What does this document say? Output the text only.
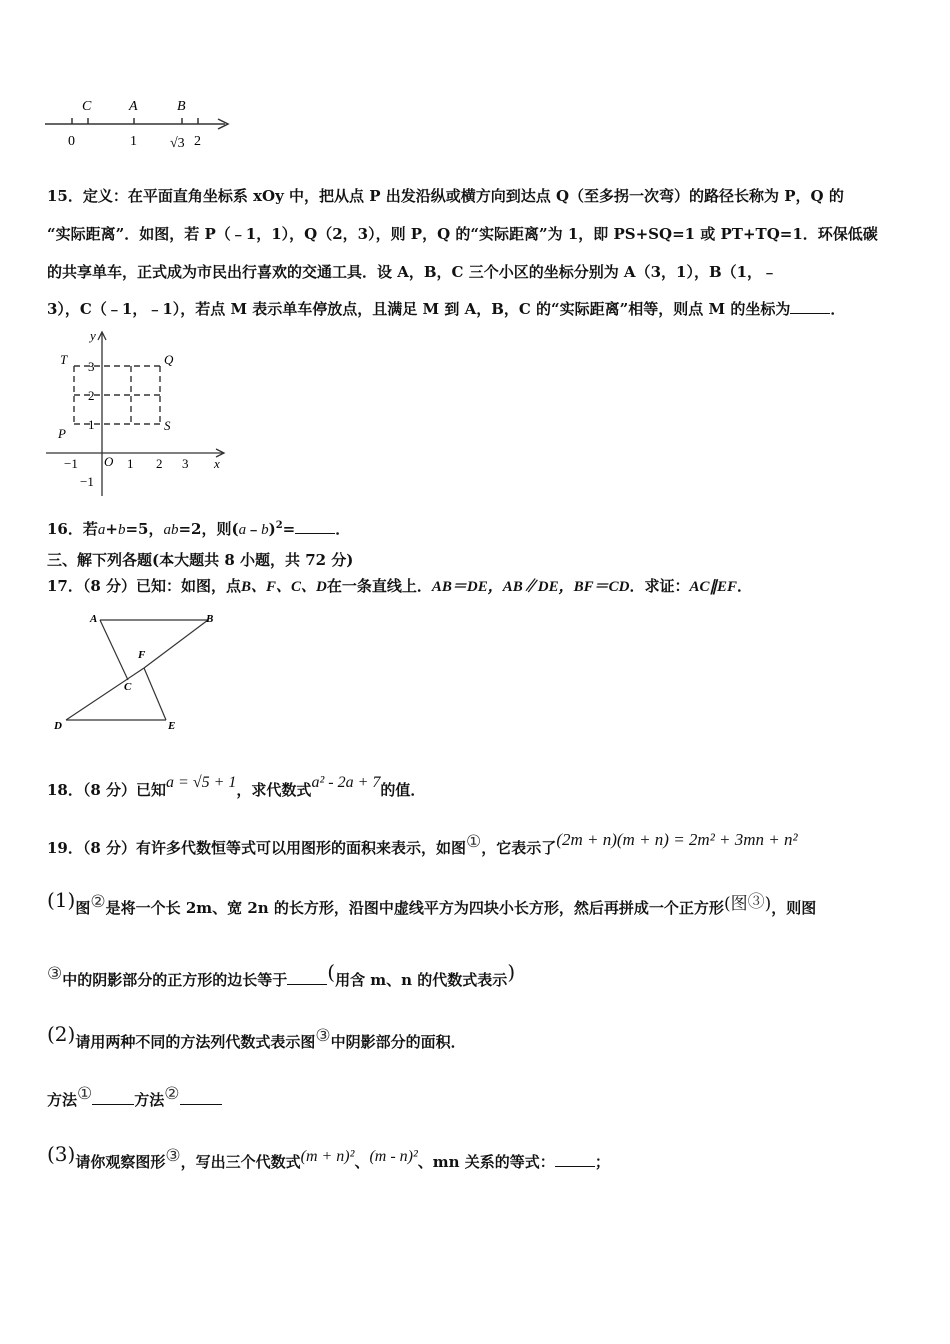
C	A	B
0	1 √3 2
15．定义：在平面直角坐标系 xOy 中，把从点 P 出发沿纵或横方向到达点 Q（至多拐一次弯）的路径长称为 P，Q 的
“实际距离”．如图，若 P（﹣1，1），Q（2，3），则 P，Q 的“实际距离”为 1，即 PS+SQ=1 或 PT+TQ=1．环保低碳
的共享单车，正式成为市民出行喜欢的交通工具．设 A，B，C 三个小区的坐标分别为 A（3，1），B（1，﹣
3），C（﹣1，﹣1），若点 M 表示单车停放点，且满足 M 到 A，B，C 的“实际距离”相等，则点 M 的坐标为	．
y
x
O
T	Q
P
S
3
2
1
−1
−1	1 2 3
16．若a+b=5，ab=2，则(a﹣b)$^2$=	．
三、解下列各题(本大题共 8 小题，共 72 分)
17．（8 分）已知：如图，点B、F、C、D在一条直线上．AB＝DE，AB∥DE，BF＝CD．求证：AC∥EF．
A	B
F
C
D	E
18．（8 分）已知a = √5 + 1，求代数式a² - 2a + 7的值．
19．（8 分）有许多代数恒等式可以用图形的面积来表示，如图①，它表示了(2m + n)(m + n) = 2m² + 3mn + n²
(1)图②是将一个长 2m、宽 2n 的长方形，沿图中虚线平方为四块小长方形，然后再拼成一个正方形(图③)，则图
③中的阴影部分的正方形的边长等于 (用含 m、n 的代数式表示)
(2)请用两种不同的方法列代数式表示图③中阴影部分的面积．
方法①	方法②
(3)请你观察图形③，写出三个代数式(m + n)²、(m - n)²、mn 关系的等式：	；
